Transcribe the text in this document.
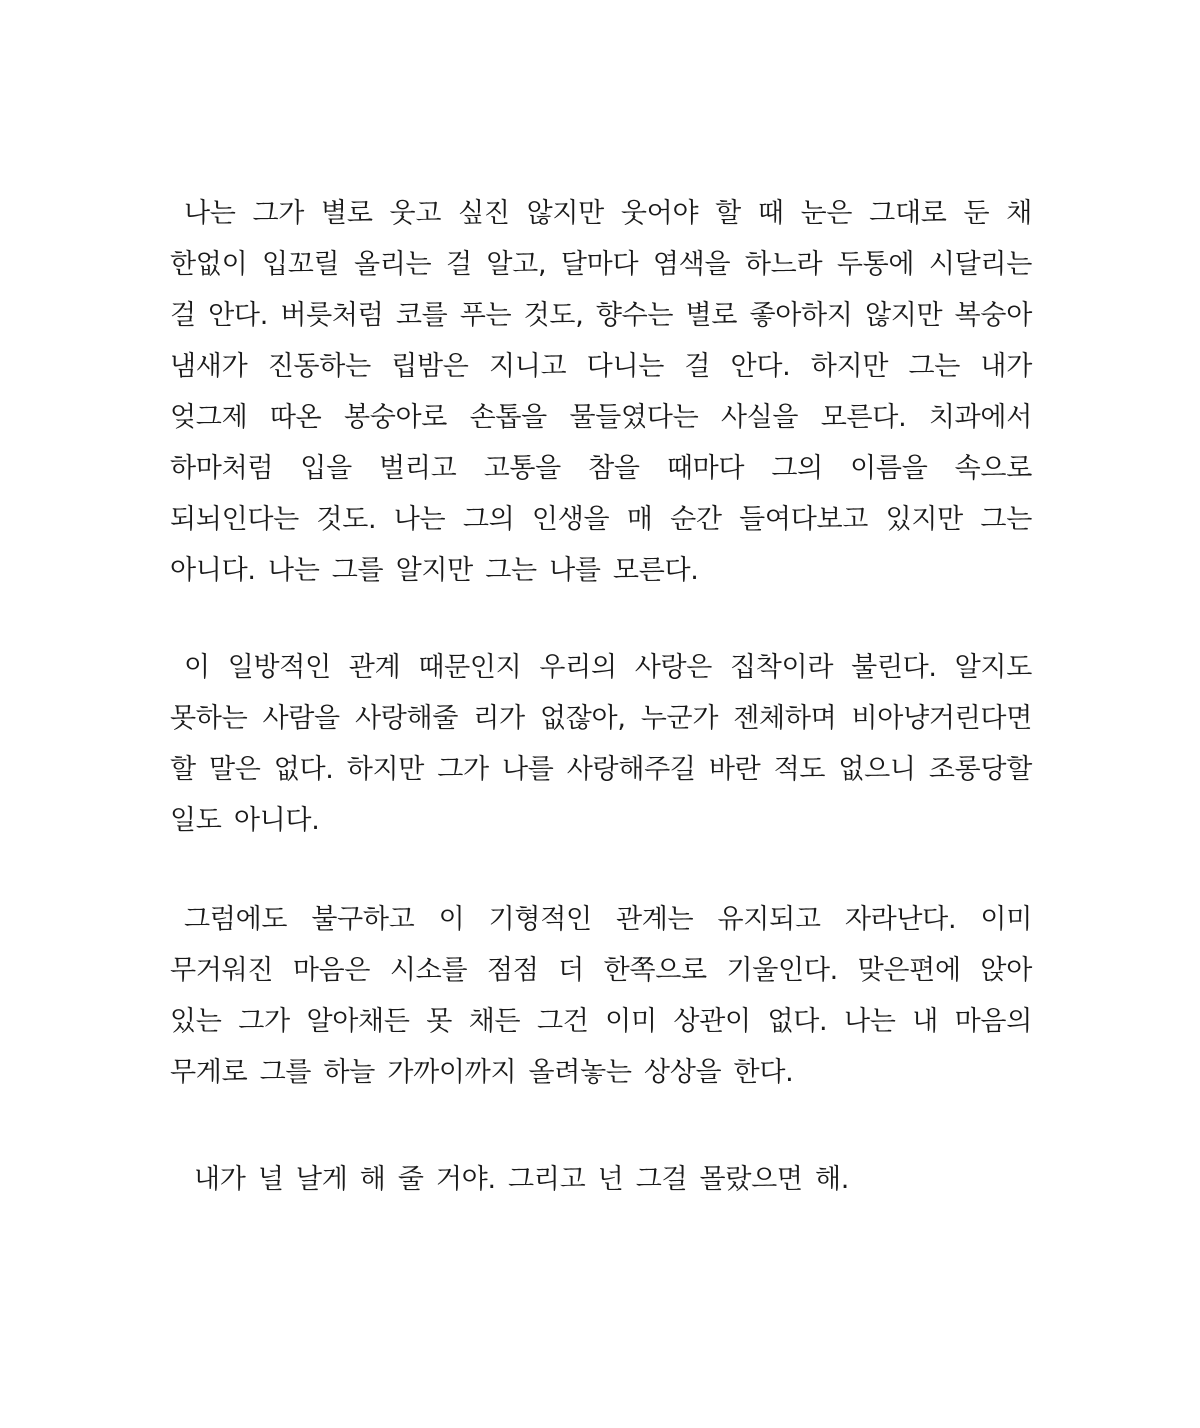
나는 그가 별로 웃고 싶진 않지만 웃어야 할 때 눈은 그대로 둔 채 한없이 입꼬릴 올리는 걸 알고, 달마다 염색을 하느라 두통에 시달리는 걸 안다. 버릇처럼 코를 푸는 것도, 향수는 별로 좋아하지 않지만 복숭아 냄새가 진동하는 립밤은 지니고 다니는 걸 안다. 하지만 그는 내가 엊그제 따온 봉숭아로 손톱을 물들였다는 사실을 모른다. 치과에서 하마처럼 입을 벌리고 고통을 참을 때마다 그의 이름을 속으로 되뇌인다는 것도. 나는 그의 인생을 매 순간 들여다보고 있지만 그는 아니다. 나는 그를 알지만 그는 나를 모른다.

이 일방적인 관계 때문인지 우리의 사랑은 집착이라 불린다. 알지도 못하는 사람을 사랑해줄 리가 없잖아, 누군가 젠체하며 비아냥거린다면 할 말은 없다. 하지만 그가 나를 사랑해주길 바란 적도 없으니 조롱당할 일도 아니다.

그럼에도 불구하고 이 기형적인 관계는 유지되고 자라난다. 이미 무거워진 마음은 시소를 점점 더 한쪽으로 기울인다. 맞은편에 앉아 있는 그가 알아채든 못 채든 그건 이미 상관이 없다. 나는 내 마음의 무게로 그를 하늘 가까이까지 올려놓는 상상을 한다.

내가 널 날게 해 줄 거야. 그리고 넌 그걸 몰랐으면 해.
